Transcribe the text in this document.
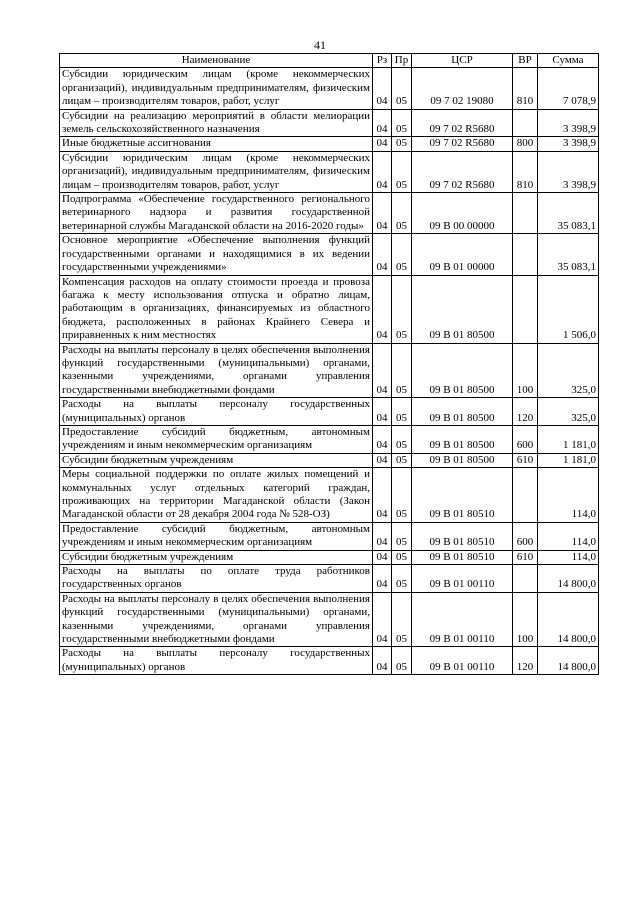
41
Наименование	Рз	Пр	ЦСР	ВР	Сумма
Субсидии юридическим лицам (кроме некоммерческих организаций), индивидуальным предпринимателям, физическим лицам – производителям товаров, работ, услуг	04	05	09 7 02 19080	810	7 078,9
Субсидии на реализацию мероприятий в области мелиорации земель сельскохозяйственного назначения	04	05	09 7 02 R5680		3 398,9
Иные бюджетные ассигнования	04	05	09 7 02 R5680	800	3 398,9
Субсидии юридическим лицам (кроме некоммерческих организаций), индивидуальным предпринимателям, физическим лицам – производителям товаров, работ, услуг	04	05	09 7 02 R5680	810	3 398,9
Подпрограмма «Обеспечение государственного регионального ветеринарного надзора и развития государственной ветеринарной службы Магаданской области на 2016-2020 годы»	04	05	09 В 00 00000		35 083,1
Основное мероприятие «Обеспечение выполнения функций государственными органами и находящимися в их ведении государственными учреждениями»	04	05	09 В 01 00000		35 083,1
Компенсация расходов на оплату стоимости проезда и провоза багажа к месту использования отпуска и обратно лицам, работающим в организациях, финансируемых из областного бюджета, расположенных в районах Крайнего Севера и приравненных к ним местностях	04	05	09 В 01 80500		1 506,0
Расходы на выплаты персоналу в целях обеспечения выполнения функций государственными (муниципальными) органами, казенными учреждениями, органами управления государственными внебюджетными фондами	04	05	09 В 01 80500	100	325,0
Расходы на выплаты персоналу государственных (муниципальных) органов	04	05	09 В 01 80500	120	325,0
Предоставление субсидий бюджетным, автономным учреждениям и иным некоммерческим организациям	04	05	09 В 01 80500	600	1 181,0
Субсидии бюджетным учреждениям	04	05	09 В 01 80500	610	1 181,0
Меры социальной поддержки по оплате жилых помещений и коммунальных услуг отдельных категорий граждан, проживающих на территории Магаданской области (Закон Магаданской области от 28 декабря 2004 года № 528-ОЗ)	04	05	09 В 01 80510		114,0
Предоставление субсидий бюджетным, автономным учреждениям и иным некоммерческим организациям	04	05	09 В 01 80510	600	114,0
Субсидии бюджетным учреждениям	04	05	09 В 01 80510	610	114,0
Расходы на выплаты по оплате труда работников государственных органов	04	05	09 В 01 00110		14 800,0
Расходы на выплаты персоналу в целях обеспечения выполнения функций государственными (муниципальными) органами, казенными учреждениями, органами управления государственными внебюджетными фондами	04	05	09 В 01 00110	100	14 800,0
Расходы на выплаты персоналу государственных (муниципальных) органов	04	05	09 В 01 00110	120	14 800,0
